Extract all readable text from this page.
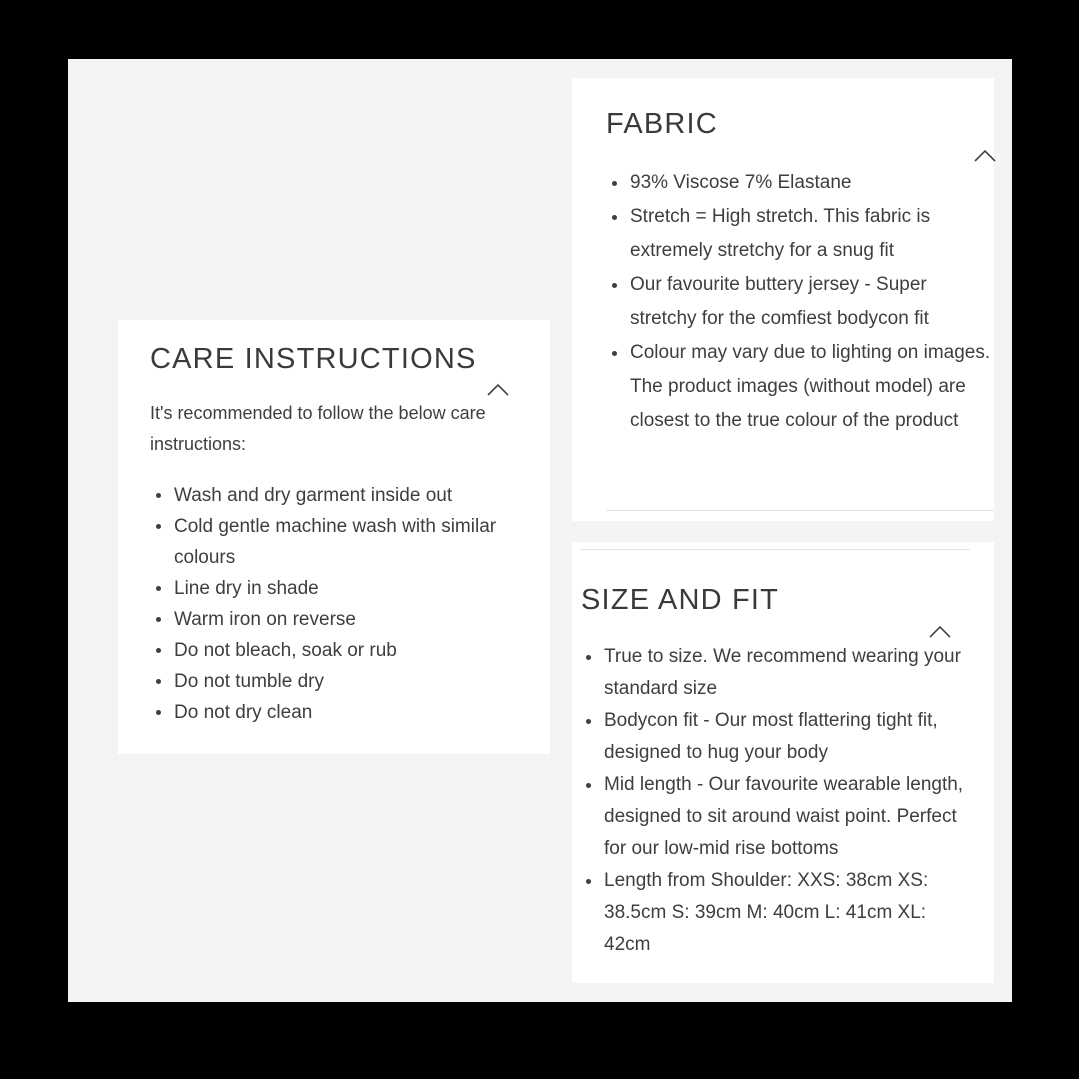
FABRIC
93% Viscose 7% Elastane
Stretch = High stretch. This fabric is extremely stretchy for a snug fit
Our favourite buttery jersey - Super stretchy for the comfiest bodycon fit
Colour may vary due to lighting on images. The product images (without model) are closest to the true colour of the product
CARE INSTRUCTIONS

It's recommended to follow the below care instructions:

Wash and dry garment inside out
Cold gentle machine wash with similar colours
Line dry in shade
Warm iron on reverse
Do not bleach, soak or rub
Do not tumble dry
Do not dry clean
SIZE AND FIT
True to size. We recommend wearing your standard size
Bodycon fit - Our most flattering tight fit, designed to hug your body
Mid length - Our favourite wearable length, designed to sit around waist point. Perfect for our low-mid rise bottoms
Length from Shoulder: XXS: 38cm XS: 38.5cm S: 39cm M: 40cm L: 41cm XL: 42cm
